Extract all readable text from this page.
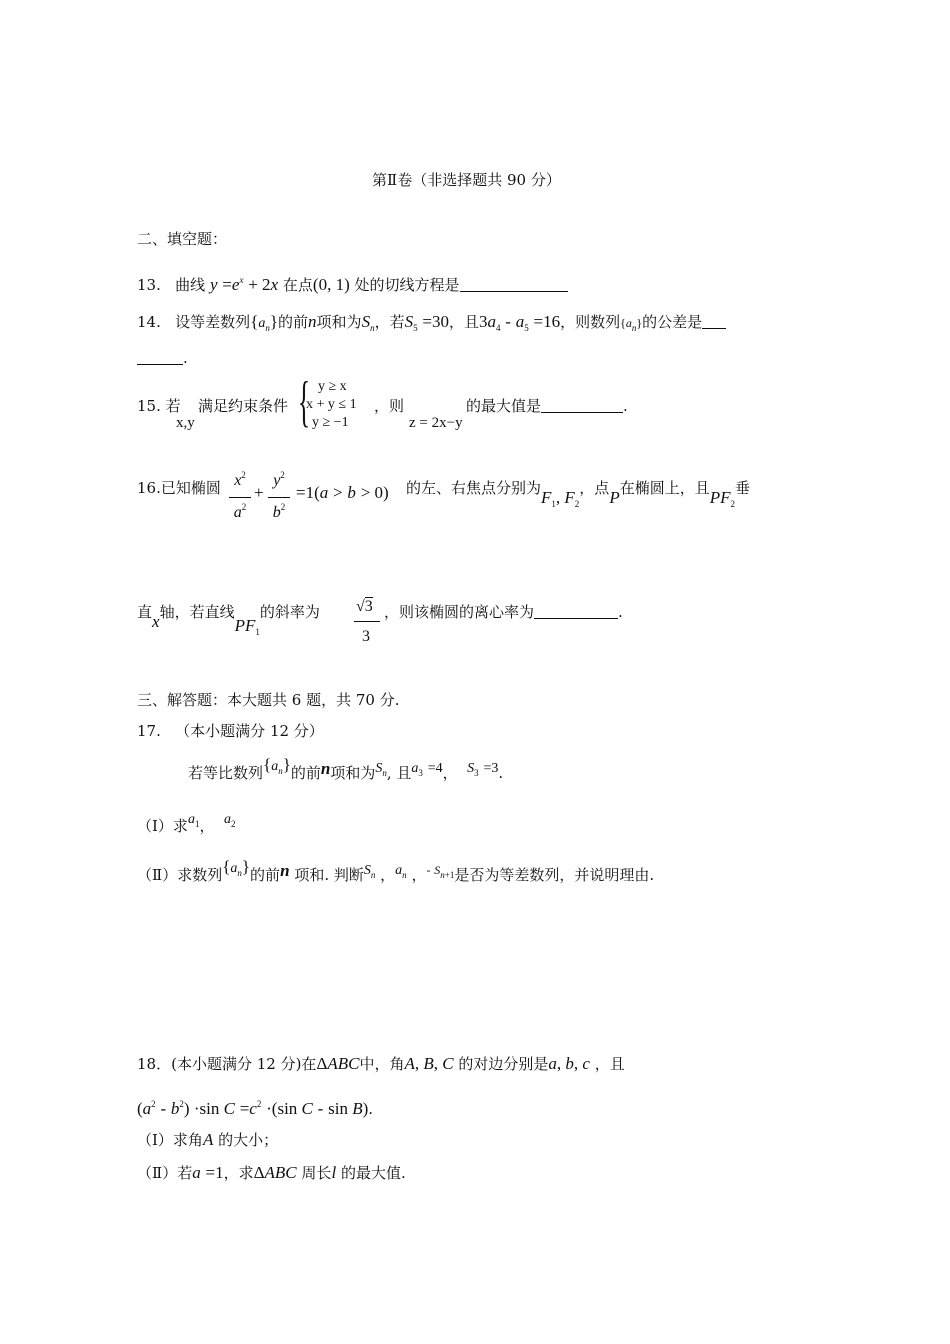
第Ⅱ卷（非选择题共 90 分）
二、填空题：
13. 曲线 $y =e^x + 2x$ 在点(0, 1) 处的切线方程是
14. 设等差数列$\{a_n\}$的前n项和为$S_n$，若$S_5 =30$，且$3a_4 - a_5 =16$，则数列$\{a_n\}$的公差是
.
15. 若
x,y
满足约束条件 { y ≥ x
x + y ≤ 1
y ≥ −1
，则
z = 2x−y
的最大值是	.
16.已知椭圆 $x^2$
$a^2$
+
$y^2$
$b^2$
=1(a > b > 0) 的左、右焦点分别为$F_1$, $F_2$，点P在椭圆上，且$PF_2$垂
直x轴，若直线$PF_1$的斜率为 √3
3
，则该椭圆的离心率为	.
三、解答题：本大题共 6 题，共 70 分.
17. （本小题满分 12 分）
若等比数列$\{a_n\}$的前n项和为$S_n$, 且$a_3 =4$， $S_3 =3$.
（Ⅰ）求$a_1$， $a_2$
（Ⅱ）求数列$\{a_n\}$的前n 项和. 判断$S_n$ ，$a_n$ ，$^{- S_{n+1}}$是否为等差数列，并说明理由.
18．(本小题满分 12 分)在ΔABC中，角A, B, C 的对边分别是a, b, c ，且
$(a^2 - b^2) \cdot\sin$ $C =c^2 \cdot(\sin$ C - sin B).
（Ⅰ）求角A 的大小；
（Ⅱ）若a =1，求ΔABC 周长l 的最大值.
